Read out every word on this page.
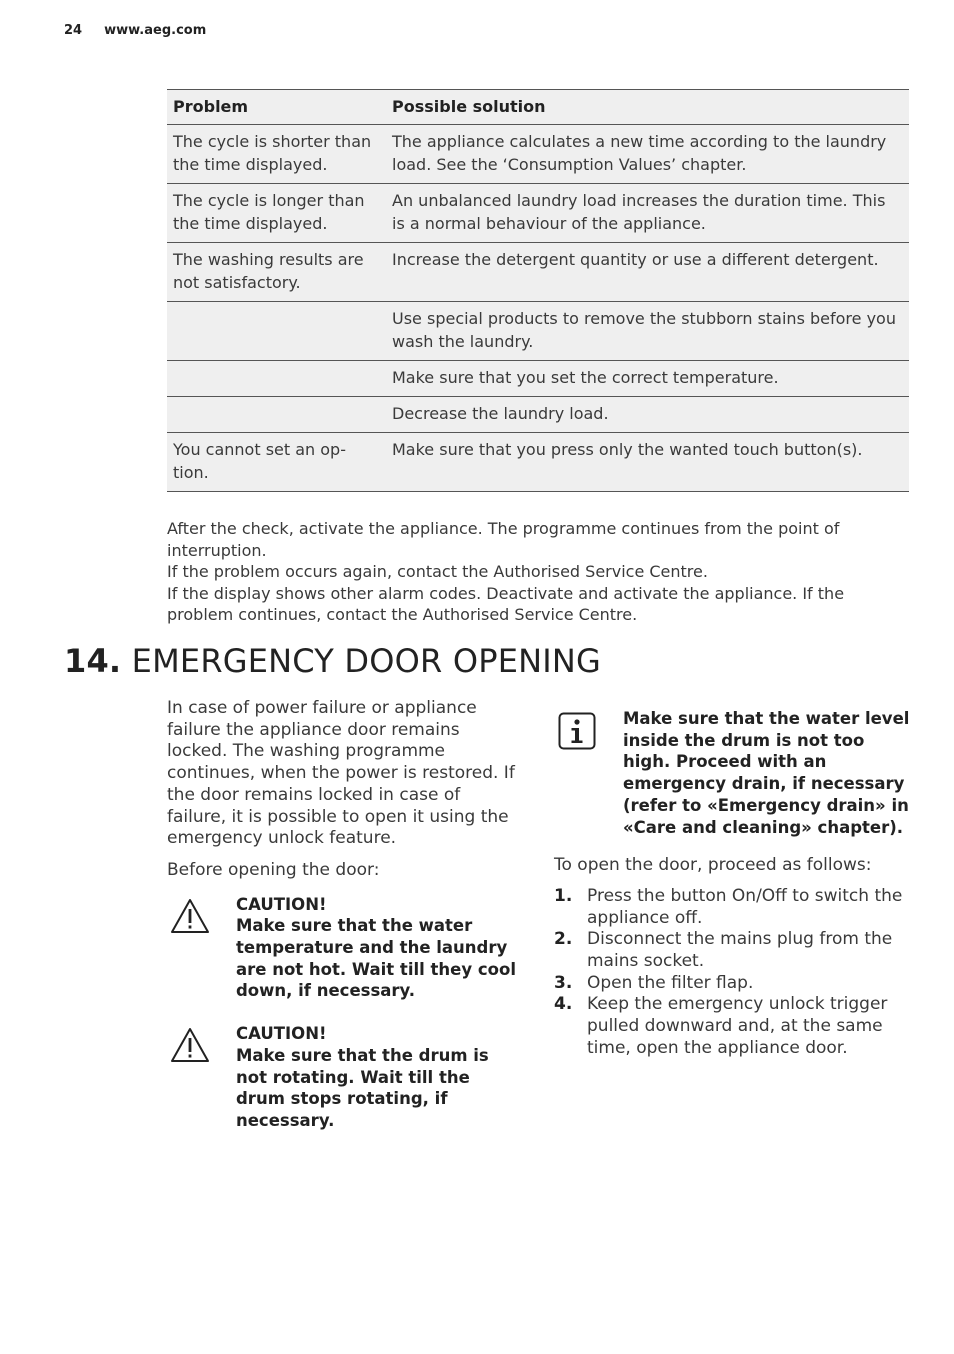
24 www.aeg.com
Problem	Possible solution
The cycle is shorter than the time displayed.	The appliance calculates a new time according to the laundry load. See the ‘Consumption Values’ chapter.
The cycle is longer than the time displayed.	An unbalanced laundry load increases the duration time. This is a normal behaviour of the appliance.
The washing results are not satisfactory.	Increase the detergent quantity or use a different detergent.
	Use special products to remove the stubborn stains before you wash the laundry.
	Make sure that you set the correct temperature.
	Decrease the laundry load.
You cannot set an op- tion.	Make sure that you press only the wanted touch button(s).

After the check, activate the appliance. The programme continues from the point of interruption.

If the problem occurs again, contact the Authorised Service Centre.

If the display shows other alarm codes. Deactivate and activate the appliance. If the problem continues, contact the Authorised Service Centre.

14. EMERGENCY DOOR OPENING

In case of power failure or appliance failure the appliance door remains locked. The washing programme continues, when the power is restored. If the door remains locked in case of failure, it is possible to open it using the emergency unlock feature.

Before opening the door:

CAUTION!
Make sure that the water temperature and the laundry are not hot. Wait till they cool down, if necessary.
CAUTION!
Make sure that the drum is not rotating. Wait till the drum stops rotating, if necessary.
Make sure that the water level inside the drum is not too high. Proceed with an emergency drain, if necessary (refer to «Emergency drain» in «Care and cleaning» chapter).
To open the door, proceed as follows:
1. Press the button On/Off to switch the appliance off.
2. Disconnect the mains plug from the mains socket.
3. Open the filter flap.
4. Keep the emergency unlock trigger pulled downward and, at the same time, open the appliance door.
